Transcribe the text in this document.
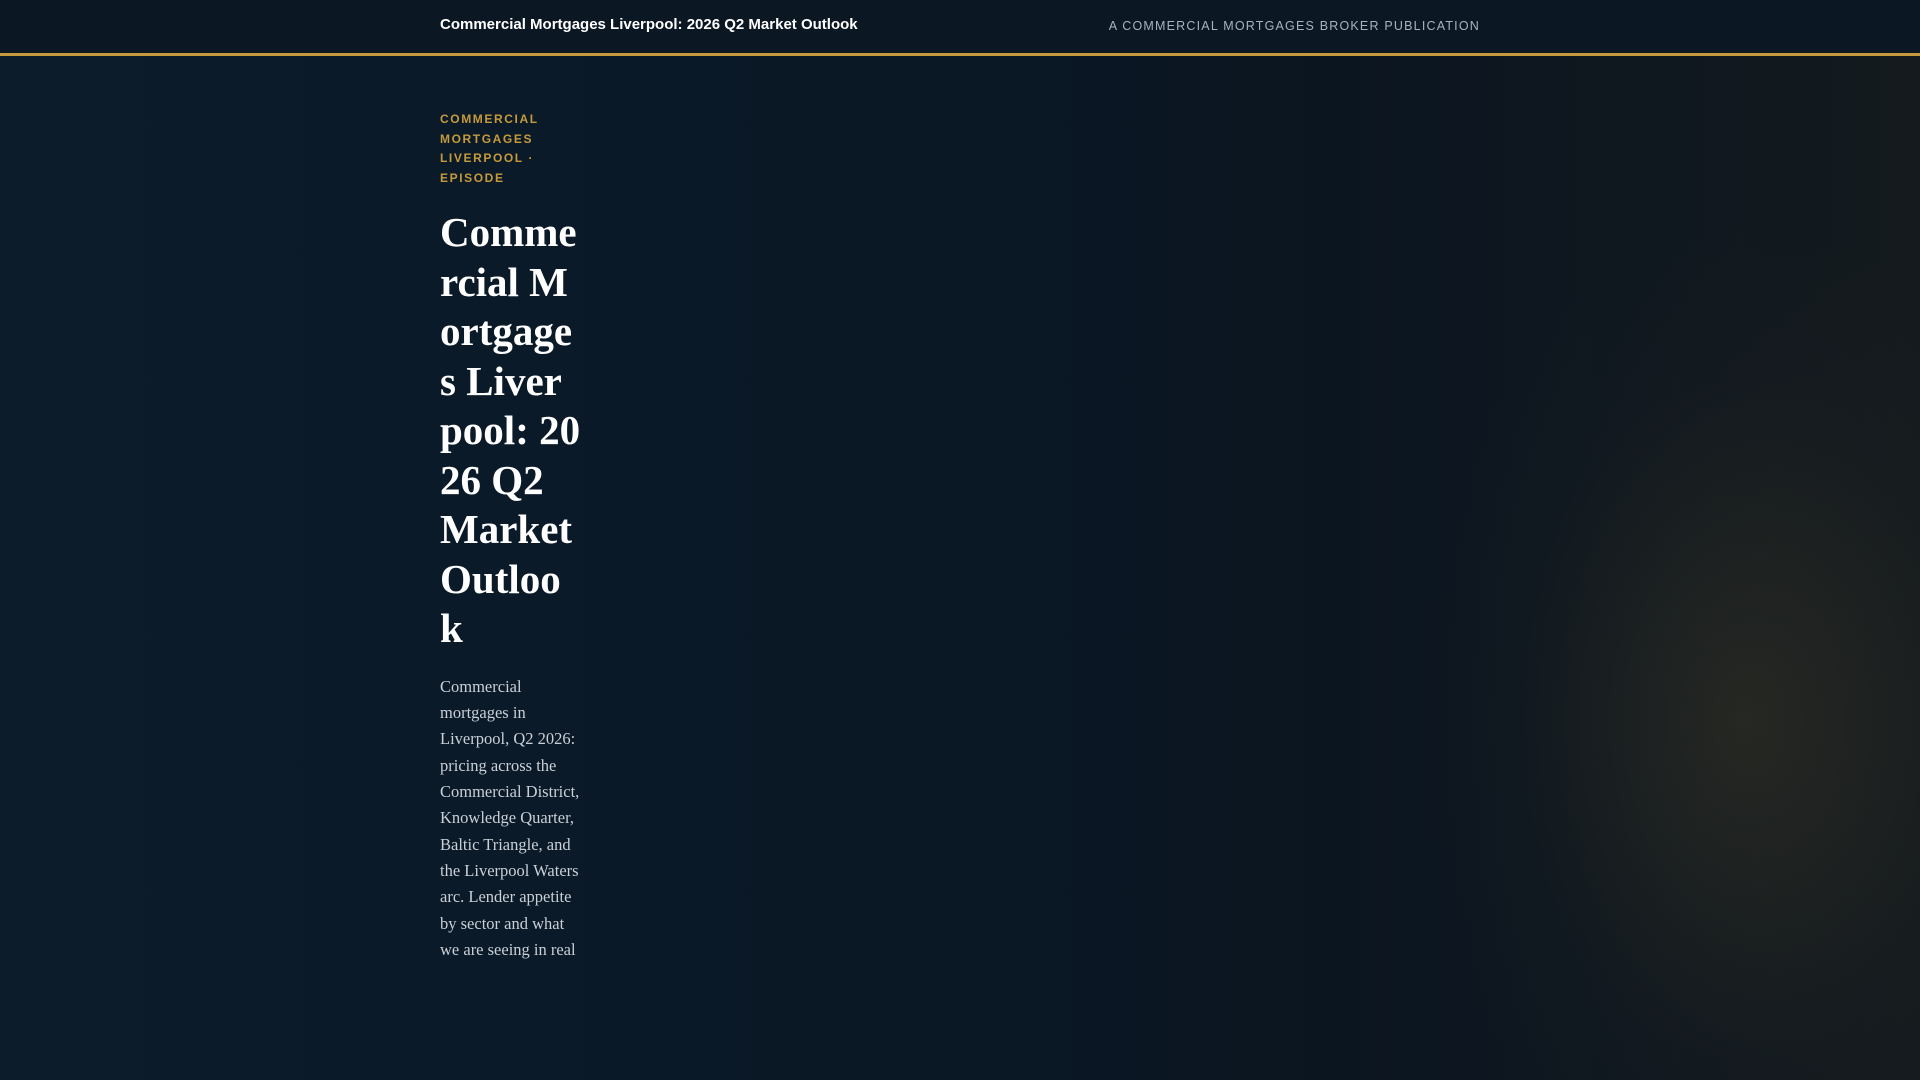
Commercial Mortgages Liverpool: 2026 Q2 Market Outlook	A COMMERCIAL MORTGAGES BROKER PUBLICATION
COMMERCIAL MORTGAGES LIVERPOOL · EPISODE
Commercial Mortgages Liverpool: 2026 Q2 Market Outlook

Commercial mortgages in Liverpool, Q2 2026: pricing across the Commercial District, Knowledge Quarter, Baltic Triangle, and the Liverpool Waters arc. Lender appetite by sector and what we are seeing in real
